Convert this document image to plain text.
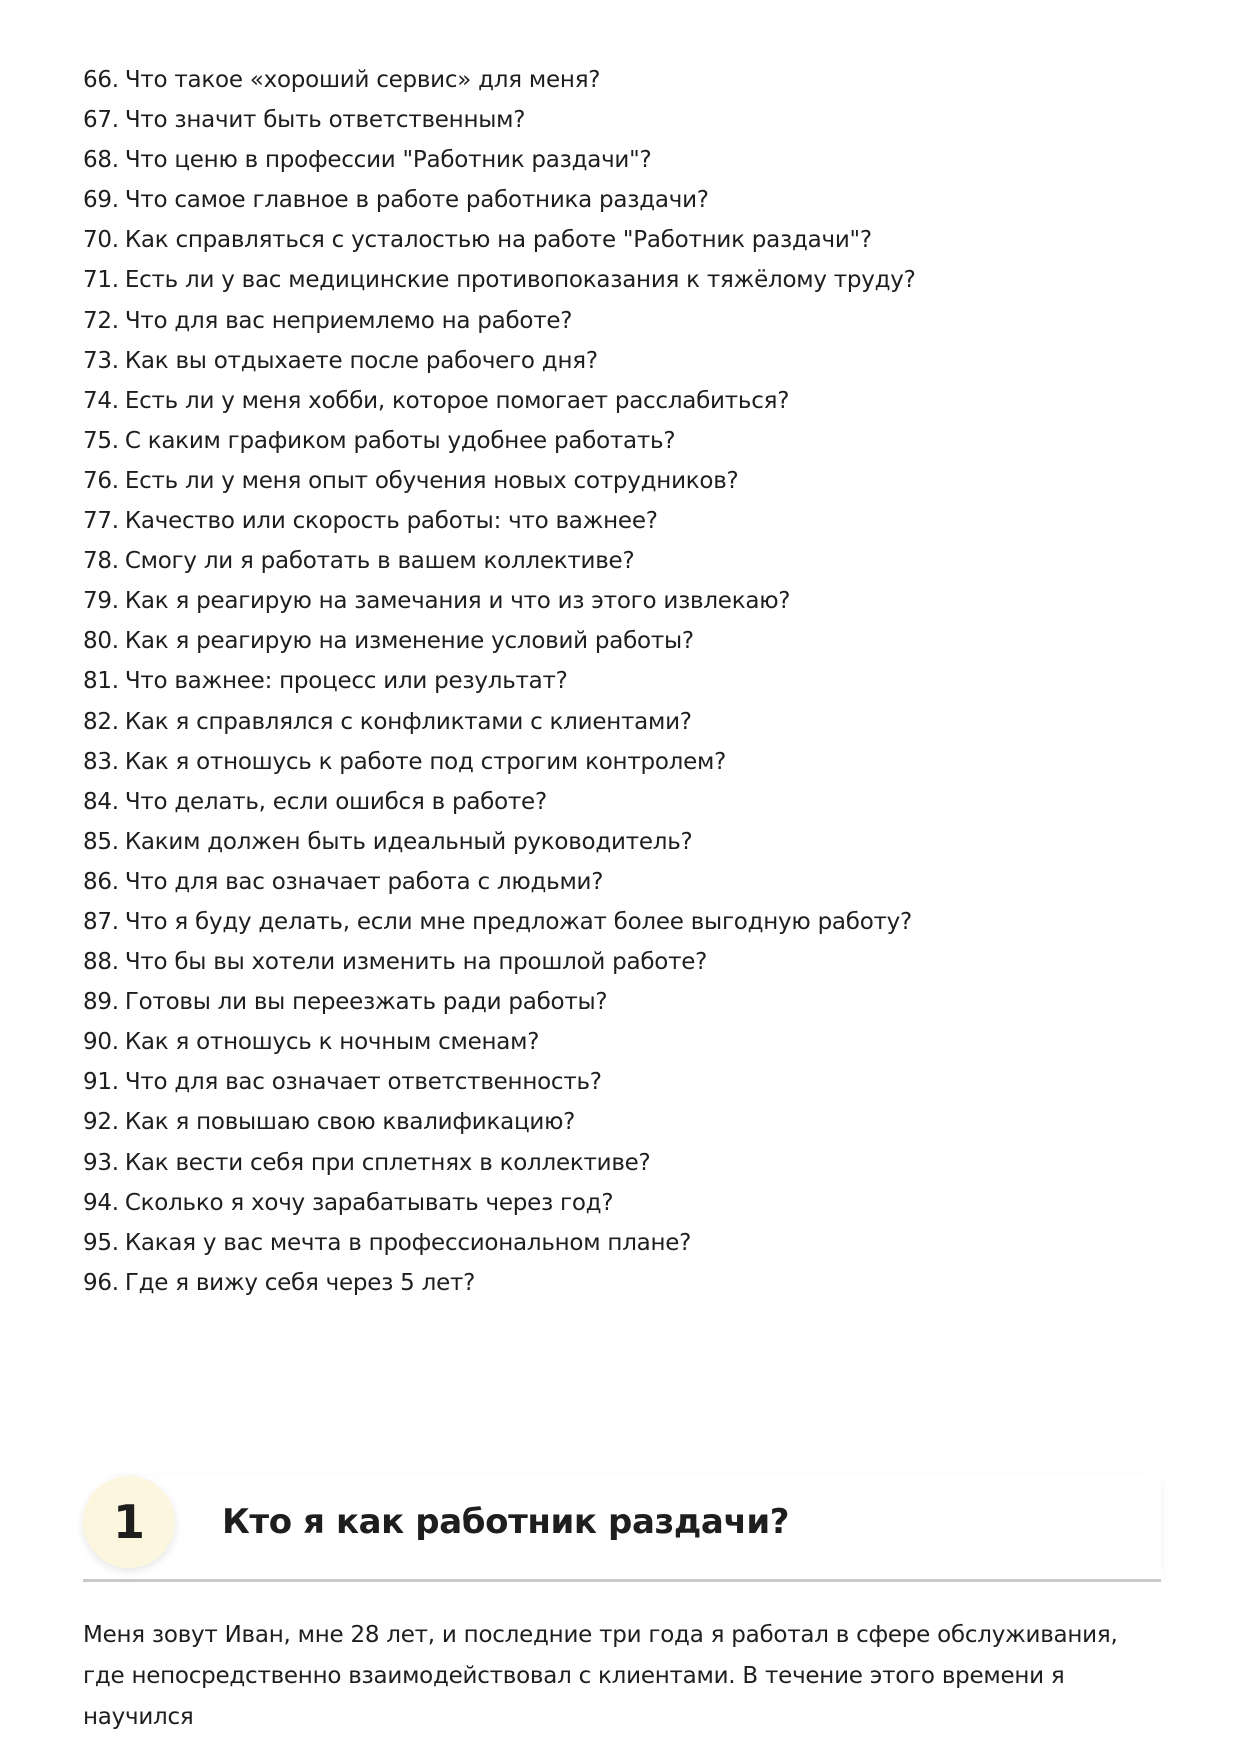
66. Что такое «хороший сервис» для меня?
67. Что значит быть ответственным?
68. Что ценю в профессии "Работник раздачи"?
69. Что самое главное в работе работника раздачи?
70. Как справляться с усталостью на работе "Работник раздачи"?
71. Есть ли у вас медицинские противопоказания к тяжёлому труду?
72. Что для вас неприемлемо на работе?
73. Как вы отдыхаете после рабочего дня?
74. Есть ли у меня хобби, которое помогает расслабиться?
75. С каким графиком работы удобнее работать?
76. Есть ли у меня опыт обучения новых сотрудников?
77. Качество или скорость работы: что важнее?
78. Смогу ли я работать в вашем коллективе?
79. Как я реагирую на замечания и что из этого извлекаю?
80. Как я реагирую на изменение условий работы?
81. Что важнее: процесс или результат?
82. Как я справлялся с конфликтами с клиентами?
83. Как я отношусь к работе под строгим контролем?
84. Что делать, если ошибся в работе?
85. Каким должен быть идеальный руководитель?
86. Что для вас означает работа с людьми?
87. Что я буду делать, если мне предложат более выгодную работу?
88. Что бы вы хотели изменить на прошлой работе?
89. Готовы ли вы переезжать ради работы?
90. Как я отношусь к ночным сменам?
91. Что для вас означает ответственность?
92. Как я повышаю свою квалификацию?
93. Как вести себя при сплетнях в коллективе?
94. Сколько я хочу зарабатывать через год?
95. Какая у вас мечта в профессиональном плане?
96. Где я вижу себя через 5 лет?
1	Кто я как работник раздачи?

Меня зовут Иван, мне 28 лет, и последние три года я работал в сфере обслуживания, где непосредственно взаимодействовал с клиентами. В течение этого времени я научился
